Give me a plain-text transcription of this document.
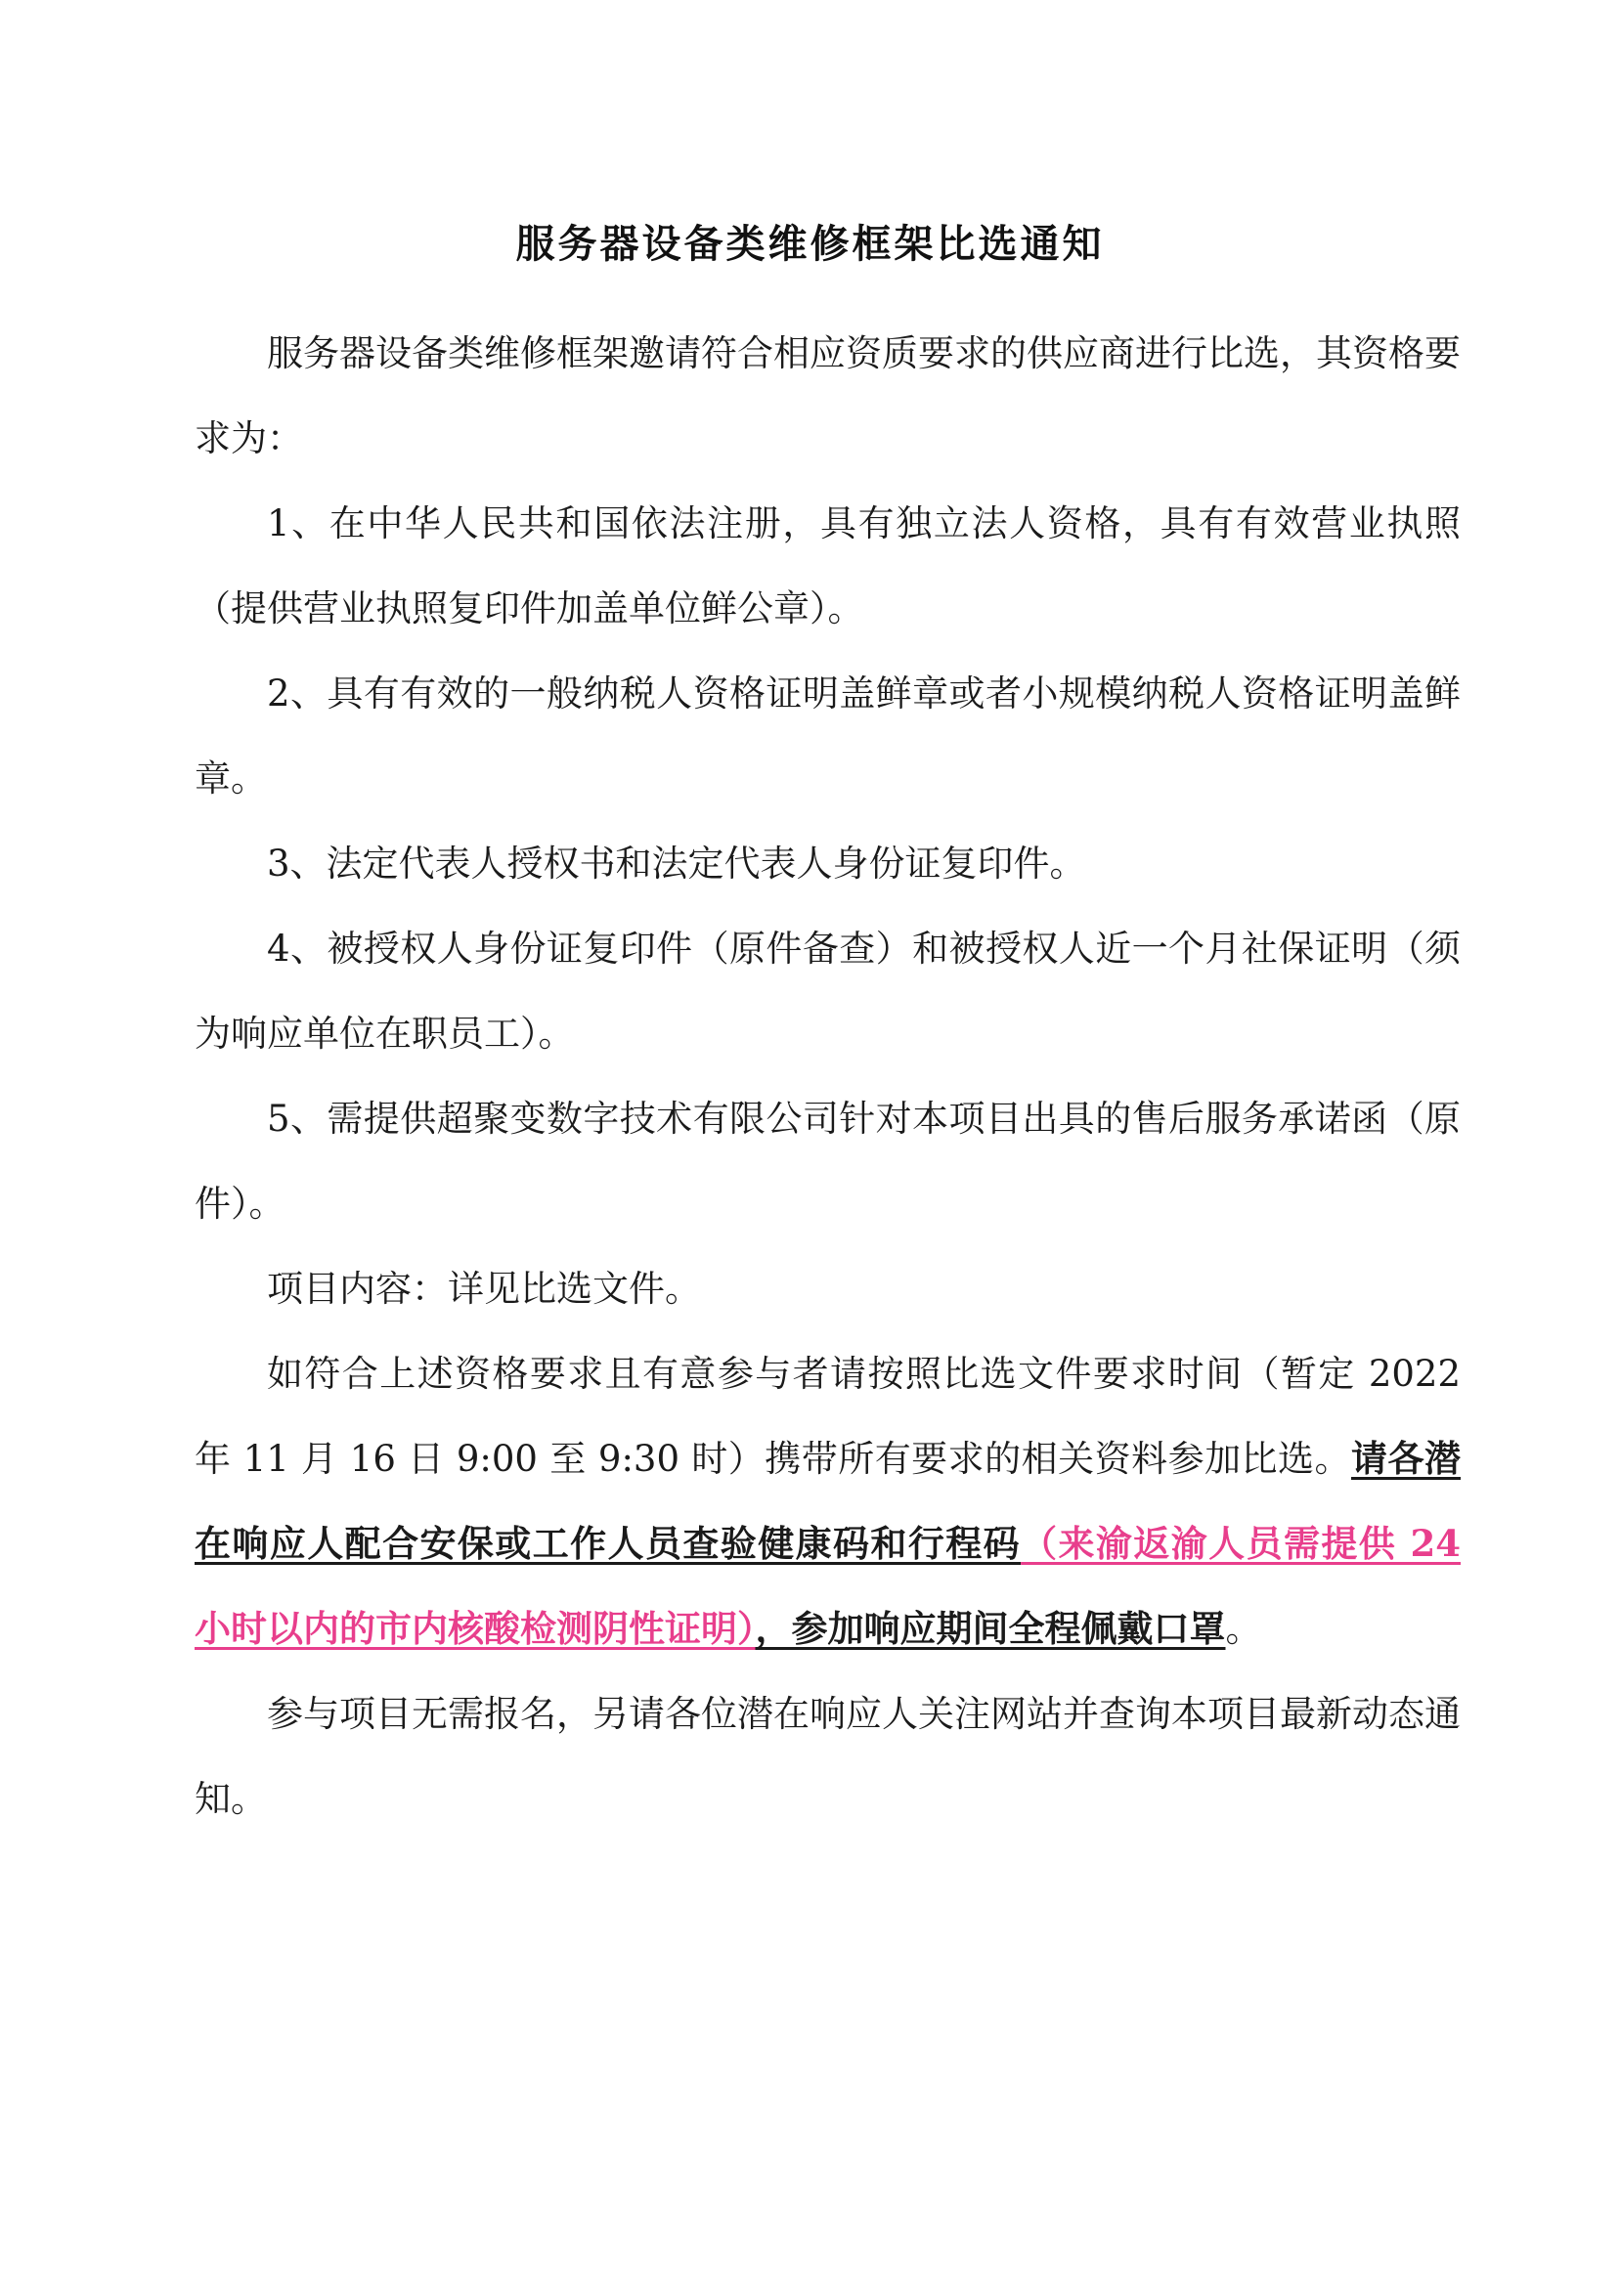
服务器设备类维修框架比选通知

服务器设备类维修框架邀请符合相应资质要求的供应商进行比选，其资格要求为：

1、在中华人民共和国依法注册，具有独立法人资格，具有有效营业执照（提供营业执照复印件加盖单位鲜公章）。

2、具有有效的一般纳税人资格证明盖鲜章或者小规模纳税人资格证明盖鲜章。

3、法定代表人授权书和法定代表人身份证复印件。

4、被授权人身份证复印件（原件备查）和被授权人近一个月社保证明（须为响应单位在职员工）。

5、需提供超聚变数字技术有限公司针对本项目出具的售后服务承诺函（原件）。

项目内容：详见比选文件。

如符合上述资格要求且有意参与者请按照比选文件要求时间（暂定 2022 年 11 月 16 日 9:00 至 9:30 时）携带所有要求的相关资料参加比选。请各潜在响应人配合安保或工作人员查验健康码和行程码（来渝返渝人员需提供 24 小时以内的市内核酸检测阴性证明），参加响应期间全程佩戴口罩。

参与项目无需报名，另请各位潜在响应人关注网站并查询本项目最新动态通知。
